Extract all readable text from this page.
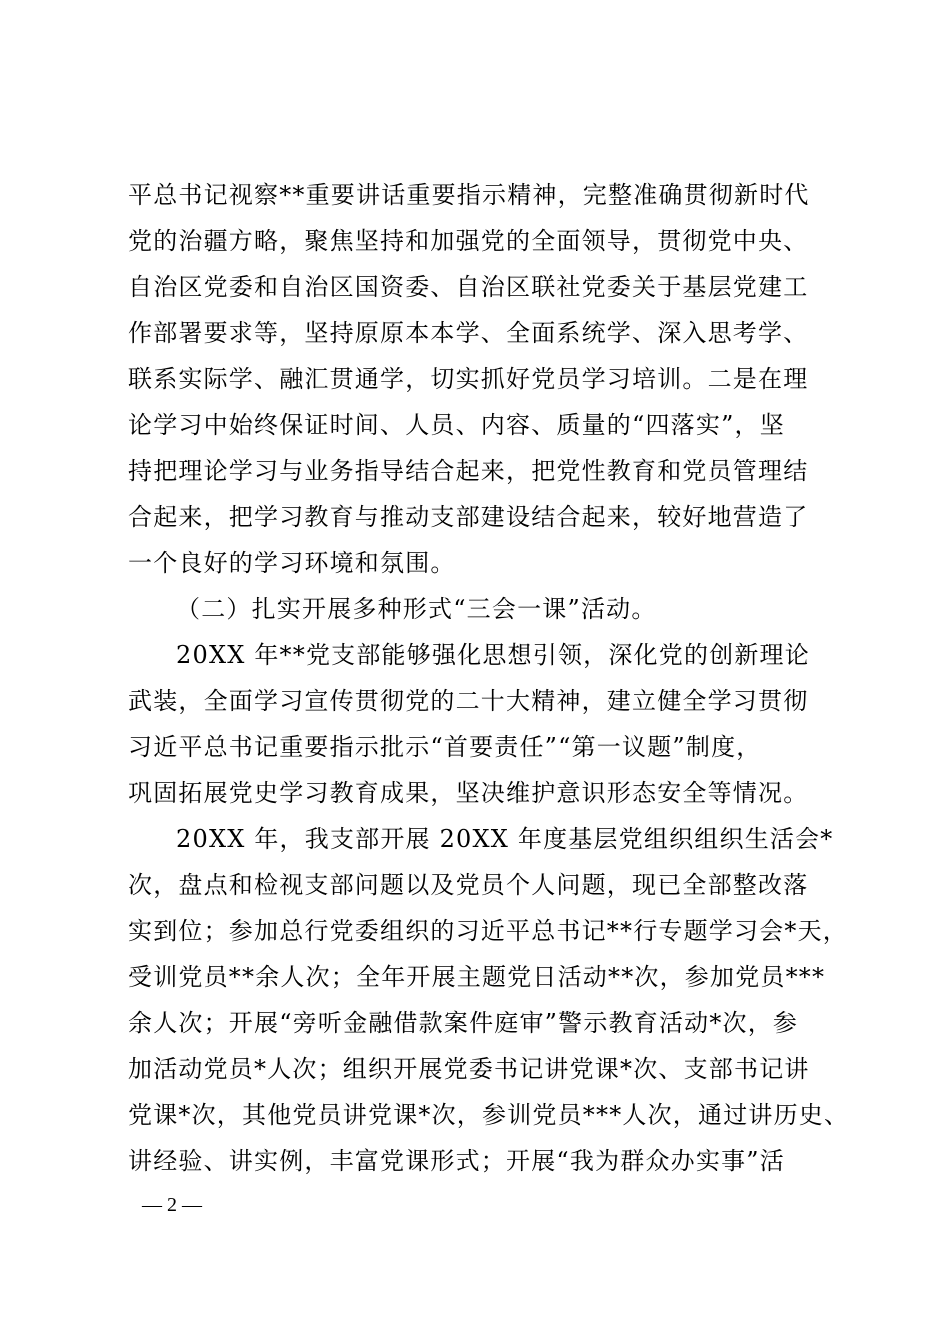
平总书记视察**重要讲话重要指示精神，完整准确贯彻新时代
党的治疆方略，聚焦坚持和加强党的全面领导，贯彻党中央、
自治区党委和自治区国资委、自治区联社党委关于基层党建工
作部署要求等，坚持原原本本学、全面系统学、深入思考学、
联系实际学、融汇贯通学，切实抓好党员学习培训。二是在理
论学习中始终保证时间、人员、内容、质量的“四落实”，坚
持把理论学习与业务指导结合起来，把党性教育和党员管理结
合起来，把学习教育与推动支部建设结合起来，较好地营造了
一个良好的学习环境和氛围。
（二）扎实开展多种形式“三会一课”活动。
20XX 年**党支部能够强化思想引领，深化党的创新理论
武装，全面学习宣传贯彻党的二十大精神，建立健全学习贯彻
习近平总书记重要指示批示“首要责任”“第一议题”制度，
巩固拓展党史学习教育成果，坚决维护意识形态安全等情况。
20XX 年，我支部开展 20XX 年度基层党组织组织生活会*
次，盘点和检视支部问题以及党员个人问题，现已全部整改落
实到位；参加总行党委组织的习近平总书记**行专题学习会*天，
受训党员**余人次；全年开展主题党日活动**次，参加党员***
余人次；开展“旁听金融借款案件庭审”警示教育活动*次，参
加活动党员*人次；组织开展党委书记讲党课*次、支部书记讲
党课*次，其他党员讲党课*次，参训党员***人次，通过讲历史、
讲经验、讲实例，丰富党课形式；开展“我为群众办实事”活
— 2 —
